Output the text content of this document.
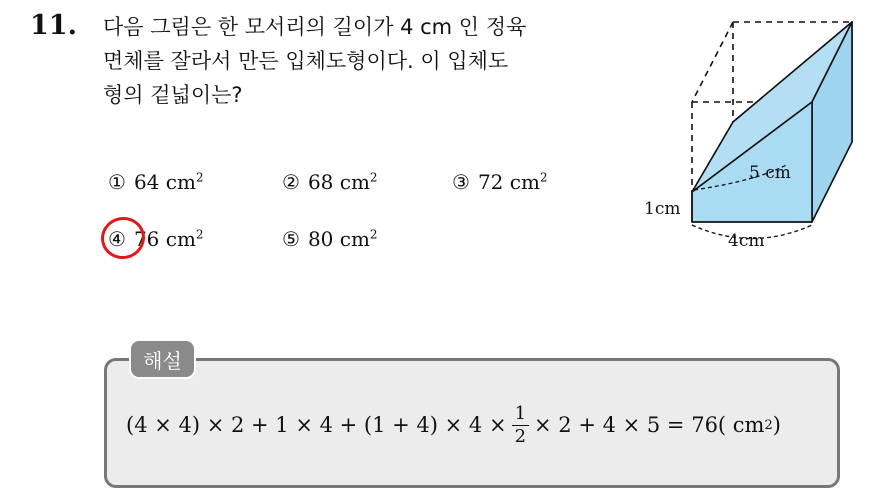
11. 다음 그림은 한 모서리의 길이가 4 cm 인 정육
면체를 잘라서 만든 입체도형이다. 이 입체도
형의 겉넓이는?
① 64 $cm^2$	② 68 $cm^2$	③ 72 $cm^2$
④ 76 $cm^2$	⑤ 80 $cm^2$
5 cm
1cm
4cm
해설
$(4 \times 4) \times 2 + 1 \times 4 + (1 + 4) \times 4 \times \frac{1}{2} \times 2 + 4 \times 5 = 76$( cm 2 )
